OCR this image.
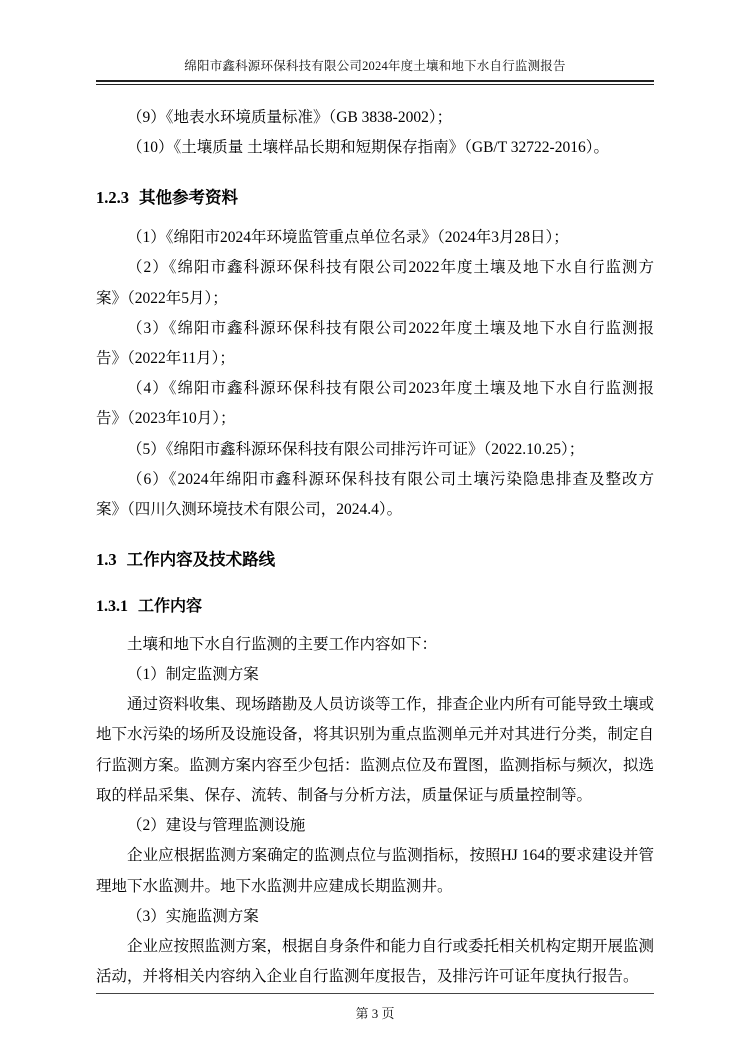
绵阳市鑫科源环保科技有限公司2024年度土壤和地下水自行监测报告

（9）《地表水环境质量标准》（GB 3838-2002）；

（10）《土壤质量 土壤样品长期和短期保存指南》（GB/T 32722-2016）。

1.2.3 其他参考资料

（1）《绵阳市2024年环境监管重点单位名录》（2024年3月28日）；

（2）《绵阳市鑫科源环保科技有限公司2022年度土壤及地下水自行监测方案》（2022年5月）；

（3）《绵阳市鑫科源环保科技有限公司2022年度土壤及地下水自行监测报告》（2022年11月）；

（4）《绵阳市鑫科源环保科技有限公司2023年度土壤及地下水自行监测报告》（2023年10月）；

（5）《绵阳市鑫科源环保科技有限公司排污许可证》（2022.10.25）；

（6）《2024年绵阳市鑫科源环保科技有限公司土壤污染隐患排查及整改方案》（四川久测环境技术有限公司，2024.4）。

1.3 工作内容及技术路线
1.3.1 工作内容

土壤和地下水自行监测的主要工作内容如下：

（1）制定监测方案

通过资料收集、现场踏勘及人员访谈等工作，排查企业内所有可能导致土壤或地下水污染的场所及设施设备，将其识别为重点监测单元并对其进行分类，制定自行监测方案。监测方案内容至少包括：监测点位及布置图，监测指标与频次，拟选取的样品采集、保存、流转、制备与分析方法，质量保证与质量控制等。

（2）建设与管理监测设施

企业应根据监测方案确定的监测点位与监测指标，按照HJ 164的要求建设并管理地下水监测井。地下水监测井应建成长期监测井。

（3）实施监测方案

企业应按照监测方案，根据自身条件和能力自行或委托相关机构定期开展监测活动，并将相关内容纳入企业自行监测年度报告，及排污许可证年度执行报告。

第 3 页
